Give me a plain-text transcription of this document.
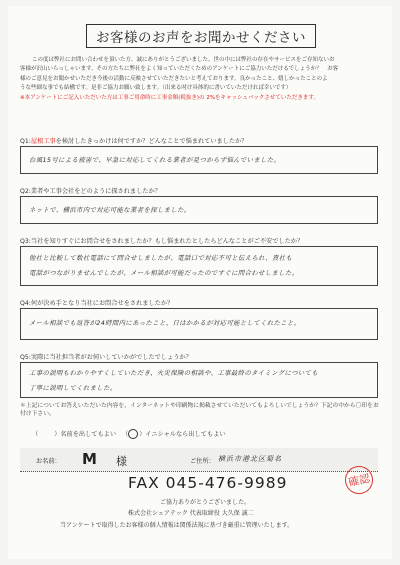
お客様のお声をお聞かせください
この度は弊社にお問い合わせを頂いた方、誠にありがとうございました。世の中には弊社の存在やサービスをご存知ないお
客様が沢山いらっしゃいます。その方たちに弊社をよく知っていただくためのアンケートにご協力いただけるでしょうか？　お客
様のご意見をお聞かせいただき今後の活動に反映させていただきたいと考えております。良かったこと、嬉しかったことのよ
うな些細な事でも結構です。是非ご協力お願い致します。（出来る吋け具体的に書いていただければ幸いです）
※本アンケートにご記入いただいた方は工事ご用命時に工事金額(税抜き)の 2%をキャッシュバックさせていただきます。
Q1:屋根工事を検討したきっかけは何ですか？どんなことで悩まれていましたか？
台風15号による被害で、早急に対応してくれる業者が見つからず悩んでいました。
Q2:業者や工事会社をどのように探されましたか？
ネットで、横浜市内で対応可能な業者を探しました。
Q3:当社を知りすぐにお問合せをされましたか？もし悩まれたとしたらどんなことがご不安でしたか？
他社と比較して数社電話にて問合せしましたが、電話口で対応不可と伝えられ、貴社も
電話がつながりませんでしたが、メール相談が可能だったのですぐに問合わせしました。
Q4:何が決め手となり当社にお問合せをされましたか？
メール相談でも返答が24時間内にあったこと、日はかかるが対応可能としてくれたこと。
Q5:実際に当社担当者がお伺いしていかがでしたでしょうか？
工事の説明もわかりやすくしていただき、火災保険の相談や、工事最終のタイミングについても
丁寧に説明してくれました。
＊上記についてお答えいただいた内容を、インターネットや印刷物に掲載させていただいてもよろしいでしょうか？下記の中から〇印をお付け下さい。
（	）名前を出してもよい （○）イニシャルなら出してもよい
お名前： M 様	ご住所： 横浜市港北区菊名
FAX 045-476-9989
ご協力ありがとうございました。
株式会社シェアテック 代表取締役 大久保 誠二
当アンケートで取得したお客様の個人情報は関係法規に基づき厳重に管理いたします。
確認
